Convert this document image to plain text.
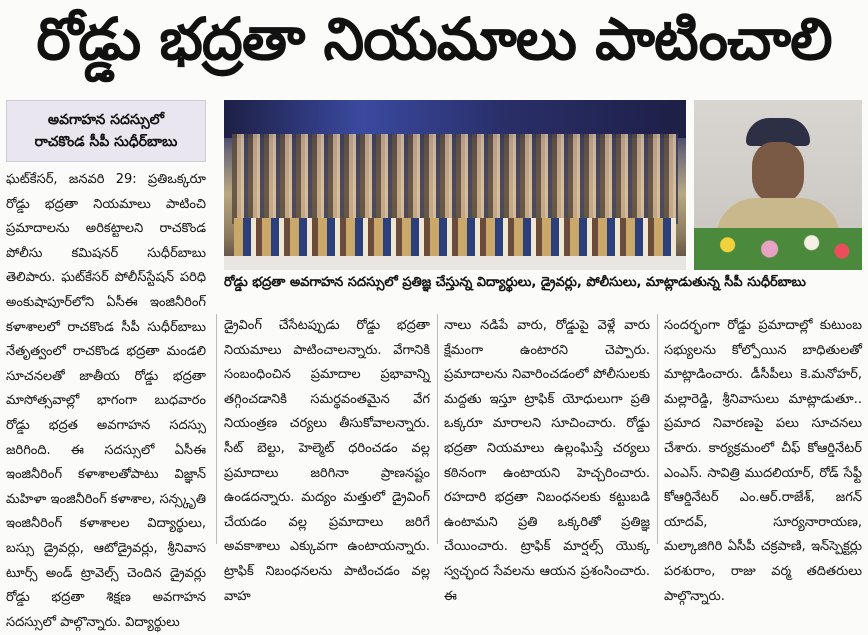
రోడ్డు భద్రతా నియమాలు పాటించాలి
అవగాహన సదస్సులో
రాచకొండ సీపీ సుధీర్‌బాబు
రోడ్డు భద్రతా అవగాహన సదస్సులో ప్రతిజ్ఞ చేస్తున్న విద్యార్థులు, డ్రైవర్లు, పోలీసులు, మాట్లాడుతున్న సీపీ సుధీర్‌బాబు
ఘట్‌కేసర్, జనవరి 29: ప్రతిఒక్కరూ రోడ్డు భద్రతా నియమాలు పాటించి ప్రమాదాలను అరికట్టాలని రాచకొండ పోలీసు కమిషనర్ సుధీర్‌బాబు తెలిపారు. ఘట్‌కేసర్ పోలీస్‌స్టేషన్ పరిధి అంకుషాపూర్‌లోని ఏసీఈ ఇంజినీరింగ్ కళాశాలలో రాచకొండ సీపీ సుధీర్‌బాబు నేతృత్వంలో రాచకొండ భద్రతా మండలి సూచనలతో జాతీయ రోడ్డు భద్రతా మాసోత్సవాల్లో భాగంగా బుధవారం రోడ్డు భద్రత అవగాహన సదస్సు జరిగింది. ఈ సదస్సులో ఏసీఈ ఇంజినీరింగ్ కళాశాలతోపాటు విజ్ఞాన్ మహిళా ఇంజినీరింగ్ కళాశాల, సన్స్కృతి ఇంజినీరింగ్ కళాశాలల విద్యార్థులు, బస్సు డ్రైవర్లు, ఆటోడ్రైవర్లు, శ్రీనివాస టూర్స్ అండ్ ట్రావెల్స్ చెందిన డ్రైవర్లు రోడ్డు భద్రతా శిక్షణ అవగాహన సదస్సులో పాల్గొన్నారు. విద్యార్థులు
డ్రైవింగ్ చేసేటప్పుడు రోడ్డు భద్రతా నియమాలు పాటించాలన్నారు. వేగానికి సంబంధించిన ప్రమాదాల ప్రభావాన్ని తగ్గించడానికి సమర్థవంతమైన వేగ నియంత్రణ చర్యలు తీసుకోవాలన్నారు. సీట్ బెల్టు, హెల్మెట్ ధరించడం వల్ల ప్రమాదాలు జరిగినా ప్రాణనష్టం ఉండదన్నారు. మద్యం మత్తులో డ్రైవింగ్ చేయడం వల్ల ప్రమాదాలు జరిగే అవకాశాలు ఎక్కువగా ఉంటాయన్నారు. ట్రాఫిక్ నిబంధనలను పాటించడం వల్ల వాహ
నాలు నడిపే వారు, రోడ్డుపై వెళ్లే వారు క్షేమంగా ఉంటారని చెప్పారు. ప్రమాదాలను నివారించడంలో పోలీసులకు మద్దతు ఇస్తూ ట్రాఫిక్ యోధులుగా ప్రతి ఒక్కరూ మారాలని సూచించారు. రోడ్డు భద్రతా నియమాలు ఉల్లంఘిస్తే చర్యలు కఠినంగా ఉంటాయని హెచ్చరించారు. రహదారి భద్రతా నిబంధనలకు కట్టుబడి ఉంటామని ప్రతి ఒక్కరితో ప్రతిజ్ఞ చేయించారు. ట్రాఫిక్ మార్షల్స్ యొక్క స్వచ్ఛంద సేవలను ఆయన ప్రశంసించారు. ఈ
సందర్భంగా రోడ్డు ప్రమాదాల్లో కుటుంబ సభ్యులను కోల్పోయిన బాధితులతో మాట్లాడించారు. డీసీపీలు కె.మనోహర్, మల్లారెడ్డి, శ్రీనివాసులు మాట్లాడుతూ.. ప్రమాద నివారణపై పలు సూచనలు చేశారు. కార్యక్రమంలో చీఫ్ కోఆర్డినేటర్ ఎంఎస్. సావిత్రి ముదలియార్, రోడ్ సేఫ్టీ కోఆర్డినేటర్ ఎం.ఆర్.రాజేశ్, జగన్ యాదవ్, సూర్యనారాయణ, మల్కాజిగిరి ఏసీపీ చక్రపాణి, ఇన్‌స్పెక్టర్లు పరశురాం, రాజు వర్మ తదితరులు పాల్గొన్నారు.
